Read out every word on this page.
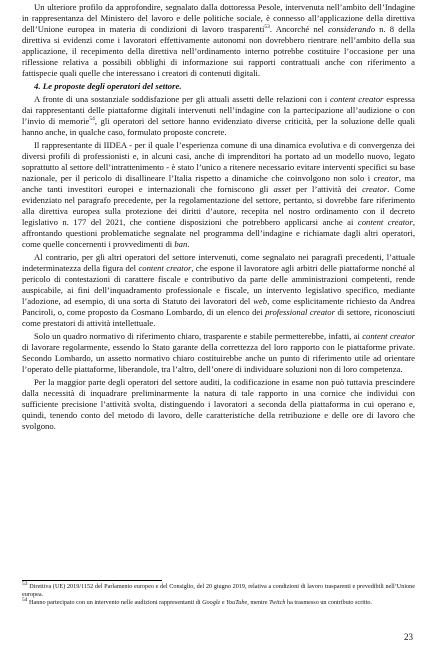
Un ulteriore profilo da approfondire, segnalato dalla dottoressa Pesole, intervenuta nell’ambito dell’Indagine in rappresentanza del Ministero del lavoro e delle politiche sociale, è connesso all’applicazione della direttiva dell’Unione europea in materia di condizioni di lavoro trasparenti$^{53}$. Ancorché nel considerando n. 8 della direttiva si evidenzi come i lavoratori effettivamente autonomi non dovrebbero rientrare nell’ambito della sua applicazione, il recepimento della direttiva nell’ordinamento interno potrebbe costituire l’occasione per una riflessione relativa a possibili obblighi di informazione sui rapporti contrattuali anche con riferimento a fattispecie quali quelle che interessano i creatori di contenuti digitali.

4. Le proposte degli operatori del settore.

A fronte di una sostanziale soddisfazione per gli attuali assetti delle relazioni con i content creator espressa dai rappresentanti delle piattaforme digitali intervenuti nell’indagine con la partecipazione all’audizione o con l’invio di memorie$^{54}$, gli operatori del settore hanno evidenziato diverse criticità, per la soluzione delle quali hanno anche, in qualche caso, formulato proposte concrete.

Il rappresentante di IIDEA - per il quale l’esperienza comune di una dinamica evolutiva e di convergenza dei diversi profili di professionisti e, in alcuni casi, anche di imprenditori ha portato ad un modello nuovo, legato soprattutto al settore dell’intrattenimento - è stato l’unico a ritenere necessario evitare interventi specifici su base nazionale, per il pericolo di disallineare l’Italia rispetto a dinamiche che coinvolgono non solo i creator, ma anche tanti investitori europei e internazionali che forniscono gli asset per l’attività dei creator. Come evidenziato nel paragrafo precedente, per la regolamentazione del settore, pertanto, si dovrebbe fare riferimento alla direttiva europea sulla protezione dei diritti d’autore, recepita nel nostro ordinamento con il decreto legislativo n. 177 del 2021, che contiene disposizioni che potrebbero applicarsi anche ai content creator, affrontando questioni problematiche segnalate nel programma dell’indagine e richiamate dagli altri operatori, come quelle concernenti i provvedimenti di ban.

Al contrario, per gli altri operatori del settore intervenuti, come segnalato nei paragrafi precedenti, l’attuale indeterminatezza della figura del content creator, che espone il lavoratore agli arbitri delle piattaforme nonché al pericolo di contestazioni di carattere fiscale e contributivo da parte delle amministrazioni competenti, rende auspicabile, ai fini dell’inquadramento professionale e fiscale, un intervento legislativo specifico, mediante l’adozione, ad esempio, di una sorta di Statuto dei lavoratori del web, come esplicitamente richiesto da Andrea Panciroli, o, come proposto da Cosmano Lombardo, di un elenco dei professional creator di settore, riconosciuti come prestatori di attività intellettuale.

Solo un quadro normativo di riferimento chiaro, trasparente e stabile permetterebbe, infatti, ai content creator di lavorare regolarmente, essendo lo Stato garante della correttezza del loro rapporto con le piattaforme private. Secondo Lombardo, un assetto normativo chiaro costituirebbe anche un punto di riferimento utile ad orientare l’operato delle piattaforme, liberandole, tra l’altro, dell’onere di individuare soluzioni non di loro competenza.

Per la maggior parte degli operatori del settore auditi, la codificazione in esame non può tuttavia prescindere dalla necessità di inquadrare preliminarmente la natura di tale rapporto in una cornice che individui con sufficiente precisione l’attività svolta, distinguendo i lavoratori a seconda della piattaforma in cui operano e, quindi, tenendo conto del metodo di lavoro, delle caratteristiche della retribuzione e delle ore di lavoro che svolgono.

$^{53}$ Direttiva (UE) 2019/1152 del Parlamento europeo e del Consiglio, del 20 giugno 2019, relativa a condizioni di lavoro trasparenti e prevedibili nell’Unione europea.

$^{54}$ Hanno partecipato con un intervento nelle audizioni rappresentanti di Google e YouTube, mentre Twitch ha trasmesso un contributo scritto.

23
